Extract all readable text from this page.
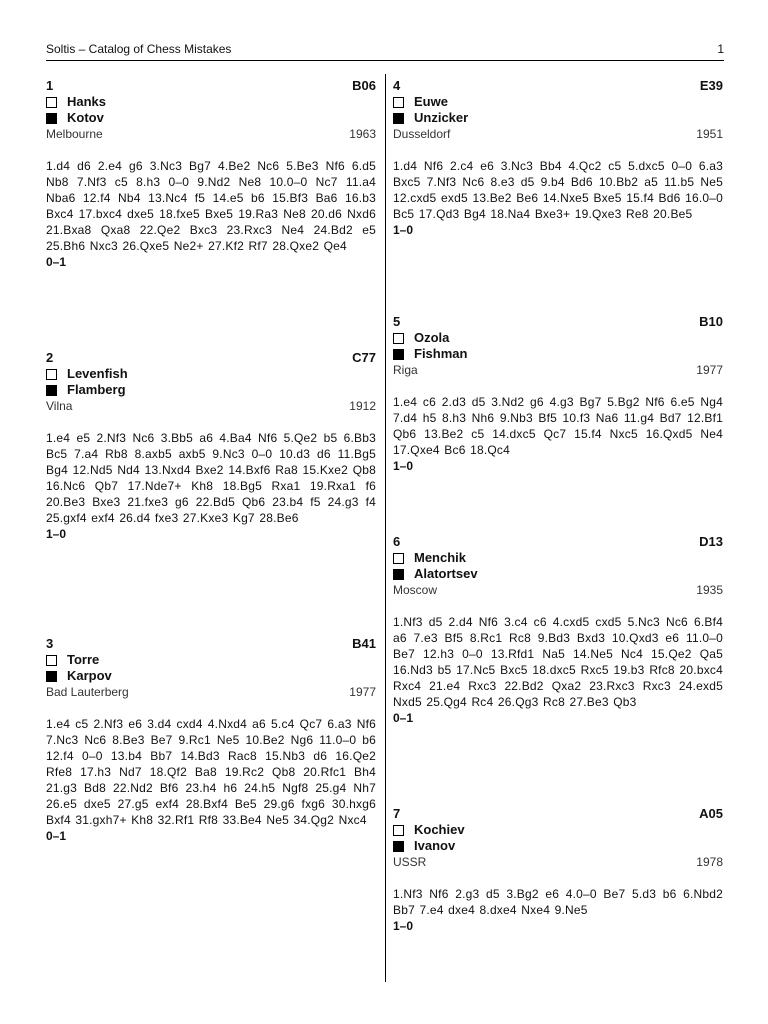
Soltis – Catalog of Chess Mistakes	1
1	B06
Hanks
Kotov
Melbourne	1963
1.d4 d6 2.e4 g6 3.Nc3 Bg7 4.Be2 Nc6 5.Be3 Nf6 6.d5 Nb8 7.Nf3 c5 8.h3 0–0 9.Nd2 Ne8 10.0–0 Nc7 11.a4 Nba6 12.f4 Nb4 13.Nc4 f5 14.e5 b6 15.Bf3 Ba6 16.b3 Bxc4 17.bxc4 dxe5 18.fxe5 Bxe5 19.Ra3 Ne8 20.d6 Nxd6 21.Bxa8 Qxa8 22.Qe2 Bxc3 23.Rxc3 Ne4 24.Bd2 e5 25.Bh6 Nxc3 26.Qxe5 Ne2+ 27.Kf2 Rf7 28.Qxe2 Qe4
0–1
2	C77
Levenfish
Flamberg
Vilna	1912
1.e4 e5 2.Nf3 Nc6 3.Bb5 a6 4.Ba4 Nf6 5.Qe2 b5 6.Bb3 Bc5 7.a4 Rb8 8.axb5 axb5 9.Nc3 0–0 10.d3 d6 11.Bg5 Bg4 12.Nd5 Nd4 13.Nxd4 Bxe2 14.Bxf6 Ra8 15.Kxe2 Qb8 16.Nc6 Qb7 17.Nde7+ Kh8 18.Bg5 Rxa1 19.Rxa1 f6 20.Be3 Bxe3 21.fxe3 g6 22.Bd5 Qb6 23.b4 f5 24.g3 f4 25.gxf4 exf4 26.d4 fxe3 27.Kxe3 Kg7 28.Be6
1–0
3	B41
Torre
Karpov
Bad Lauterberg	1977
1.e4 c5 2.Nf3 e6 3.d4 cxd4 4.Nxd4 a6 5.c4 Qc7 6.a3 Nf6 7.Nc3 Nc6 8.Be3 Be7 9.Rc1 Ne5 10.Be2 Ng6 11.0–0 b6 12.f4 0–0 13.b4 Bb7 14.Bd3 Rac8 15.Nb3 d6 16.Qe2 Rfe8 17.h3 Nd7 18.Qf2 Ba8 19.Rc2 Qb8 20.Rfc1 Bh4 21.g3 Bd8 22.Nd2 Bf6 23.h4 h6 24.h5 Ngf8 25.g4 Nh7 26.e5 dxe5 27.g5 exf4 28.Bxf4 Be5 29.g6 fxg6 30.hxg6 Bxf4 31.gxh7+ Kh8 32.Rf1 Rf8 33.Be4 Ne5 34.Qg2 Nxc4
0–1
4	E39
Euwe
Unzicker
Dusseldorf	1951
1.d4 Nf6 2.c4 e6 3.Nc3 Bb4 4.Qc2 c5 5.dxc5 0–0 6.a3 Bxc5 7.Nf3 Nc6 8.e3 d5 9.b4 Bd6 10.Bb2 a5 11.b5 Ne5 12.cxd5 exd5 13.Be2 Be6 14.Nxe5 Bxe5 15.f4 Bd6 16.0–0 Bc5 17.Qd3 Bg4 18.Na4 Bxe3+ 19.Qxe3 Re8 20.Be5
1–0
5	B10
Ozola
Fishman
Riga	1977
1.e4 c6 2.d3 d5 3.Nd2 g6 4.g3 Bg7 5.Bg2 Nf6 6.e5 Ng4 7.d4 h5 8.h3 Nh6 9.Nb3 Bf5 10.f3 Na6 11.g4 Bd7 12.Bf1 Qb6 13.Be2 c5 14.dxc5 Qc7 15.f4 Nxc5 16.Qxd5 Ne4 17.Qxe4 Bc6 18.Qc4
1–0
6	D13
Menchik
Alatortsev
Moscow	1935
1.Nf3 d5 2.d4 Nf6 3.c4 c6 4.cxd5 cxd5 5.Nc3 Nc6 6.Bf4 a6 7.e3 Bf5 8.Rc1 Rc8 9.Bd3 Bxd3 10.Qxd3 e6 11.0–0 Be7 12.h3 0–0 13.Rfd1 Na5 14.Ne5 Nc4 15.Qe2 Qa5 16.Nd3 b5 17.Nc5 Bxc5 18.dxc5 Rxc5 19.b3 Rfc8 20.bxc4 Rxc4 21.e4 Rxc3 22.Bd2 Qxa2 23.Rxc3 Rxc3 24.exd5 Nxd5 25.Qg4 Rc4 26.Qg3 Rc8 27.Be3 Qb3
0–1
7	A05
Kochiev
Ivanov
USSR	1978
1.Nf3 Nf6 2.g3 d5 3.Bg2 e6 4.0–0 Be7 5.d3 b6 6.Nbd2 Bb7 7.e4 dxe4 8.dxe4 Nxe4 9.Ne5
1–0
